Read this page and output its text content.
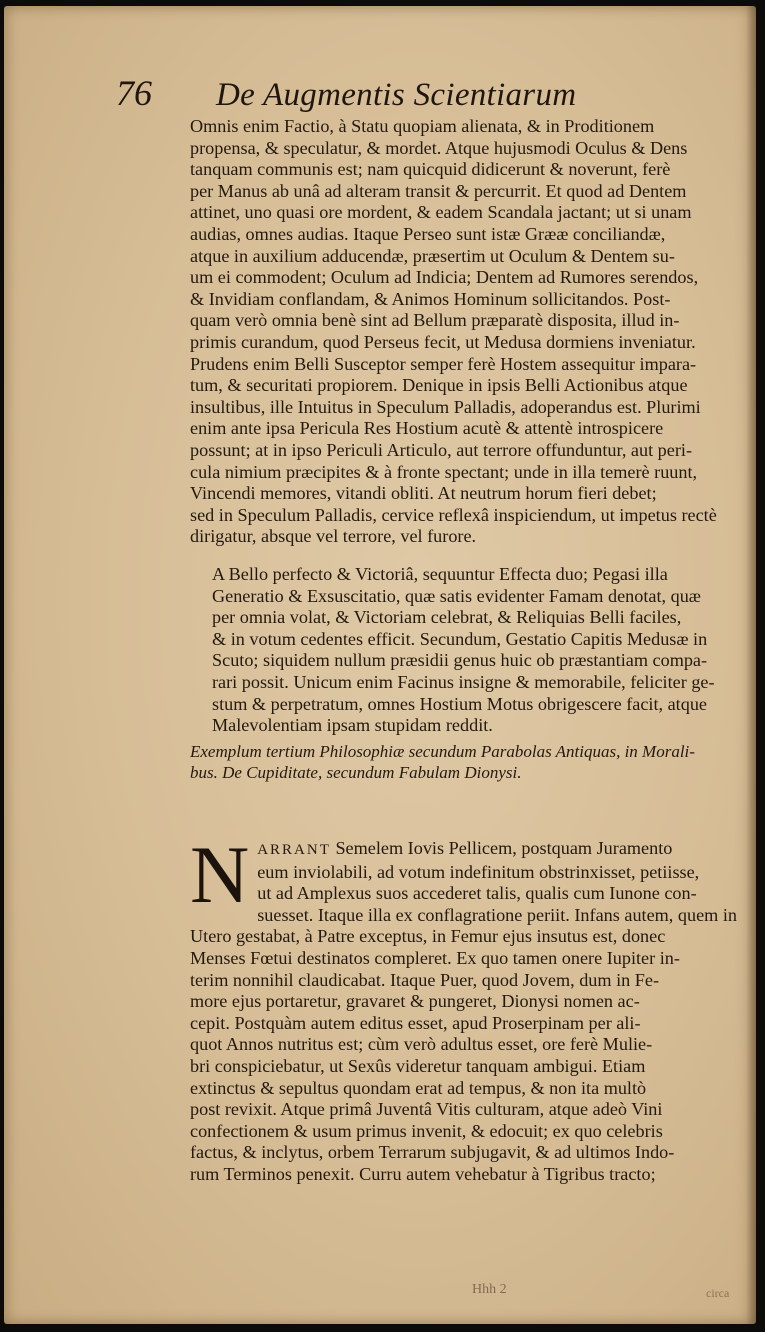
76	De Augmentis Scientiarum
Omnis enim Factio, à Statu quopiam alienata, & in Proditionem
propensa, & speculatur, & mordet. Atque hujusmodi Oculus & Dens
tanquam communis est; nam quicquid didicerunt & noverunt, ferè
per Manus ab unâ ad alteram transit & percurrit. Et quod ad Dentem
attinet, uno quasi ore mordent, & eadem Scandala jactant; ut si unam
audias, omnes audias. Itaque Perseo sunt istæ Grææ conciliandæ,
atque in auxilium adducendæ, præsertim ut Oculum & Dentem su-
um ei commodent; Oculum ad Indicia; Dentem ad Rumores serendos,
& Invidiam conflandam, & Animos Hominum sollicitandos. Post-
quam verò omnia benè sint ad Bellum præparatè disposita, illud in-
primis curandum, quod Perseus fecit, ut Medusa dormiens inveniatur.
Prudens enim Belli Susceptor semper ferè Hostem assequitur impara-
tum, & securitati propiorem. Denique in ipsis Belli Actionibus atque
insultibus, ille Intuitus in Speculum Palladis, adoperandus est. Plurimi
enim ante ipsa Pericula Res Hostium acutè & attentè introspicere
possunt; at in ipso Periculi Articulo, aut terrore offunduntur, aut peri-
cula nimium præcipites & à fronte spectant; unde in illa temerè ruunt,
Vincendi memores, vitandi obliti. At neutrum horum fieri debet;
sed in Speculum Palladis, cervice reflexâ inspiciendum, ut impetus rectè
dirigatur, absque vel terrore, vel furore.
A Bello perfecto & Victoriâ, sequuntur Effecta duo; Pegasi illa
Generatio & Exsuscitatio, quæ satis evidenter Famam denotat, quæ
per omnia volat, & Victoriam celebrat, & Reliquias Belli faciles,
& in votum cedentes efficit. Secundum, Gestatio Capitis Medusæ in
Scuto; siquidem nullum præsidii genus huic ob præstantiam compa-
rari possit. Unicum enim Facinus insigne & memorabile, feliciter ge-
stum & perpetratum, omnes Hostium Motus obrigescere facit, atque
Malevolentiam ipsam stupidam reddit.
Exemplum tertium Philosophiæ secundum Parabolas Antiquas, in Morali-
bus. De Cupiditate, secundum Fabulam Dionysi.
N ARRANT Semelem Iovis Pellicem, postquam Juramento
eum inviolabili, ad votum indefinitum obstrinxisset, petiisse,
ut ad Amplexus suos accederet talis, qualis cum Iunone con-
suesset. Itaque illa ex conflagratione periit. Infans autem, quem in
Utero gestabat, à Patre exceptus, in Femur ejus insutus est, donec
Menses Fœtui destinatos compleret. Ex quo tamen onere Iupiter in-
terim nonnihil claudicabat. Itaque Puer, quod Jovem, dum in Fe-
more ejus portaretur, gravaret & pungeret, Dionysi nomen ac-
cepit. Postquàm autem editus esset, apud Proserpinam per ali-
quot Annos nutritus est; cùm verò adultus esset, ore ferè Mulie-
bri conspiciebatur, ut Sexûs videretur tanquam ambigui. Etiam
extinctus & sepultus quondam erat ad tempus, & non ita multò
post revixit. Atque primâ Juventâ Vitis culturam, atque adeò Vini
confectionem & usum primus invenit, & edocuit; ex quo celebris
factus, & inclytus, orbem Terrarum subjugavit, & ad ultimos Indo-
rum Terminos penexit. Curru autem vehebatur à Tigribus tracto;
Hhh 2	circa
